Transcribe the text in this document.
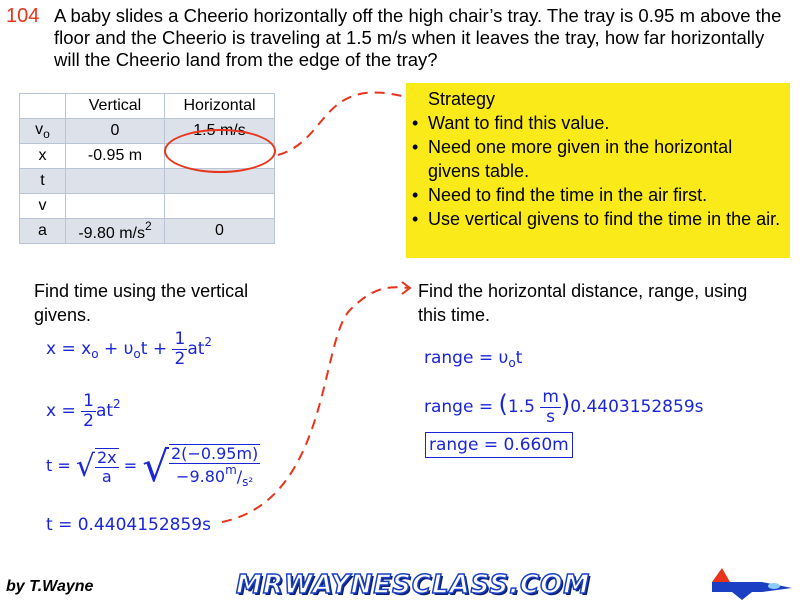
104 A baby slides a Cheerio horizontally off the high chair’s tray. The tray is 0.95 m above the floor and the Cheerio is traveling at 1.5 m/s when it leaves the tray, how far horizontally will the Cheerio land from the edge of the tray?
	Vertical	Horizontal
$v_o$	0	1.5 m/s
x	-0.95 m	
t		
v		
a	-9.80 $m/s^2$	0
Strategy
• Want to find this value.
• Need one more given in the horizontal givens table.
• Need to find the time in the air first.
• Use vertical givens to find the time in the air.
Find time using the vertical givens.
Find the horizontal distance, range, using this time.
$x = x_o + \upsilon_ot + \frac{1}{2} at^2$
$x = \frac{1}{2} at^2$
t = √ $\frac{2x}{a}$ = √ $\frac{2(-0.95m)}{-9.80^m/_{s^2}}$
t = 0.4404152859s
range = $\upsilon_ot$
range = $(1.5 \frac{m}{s} )0.4403152859s$
range = 0.660m
by T.Wayne	MRWAYNESCLASS.COM
